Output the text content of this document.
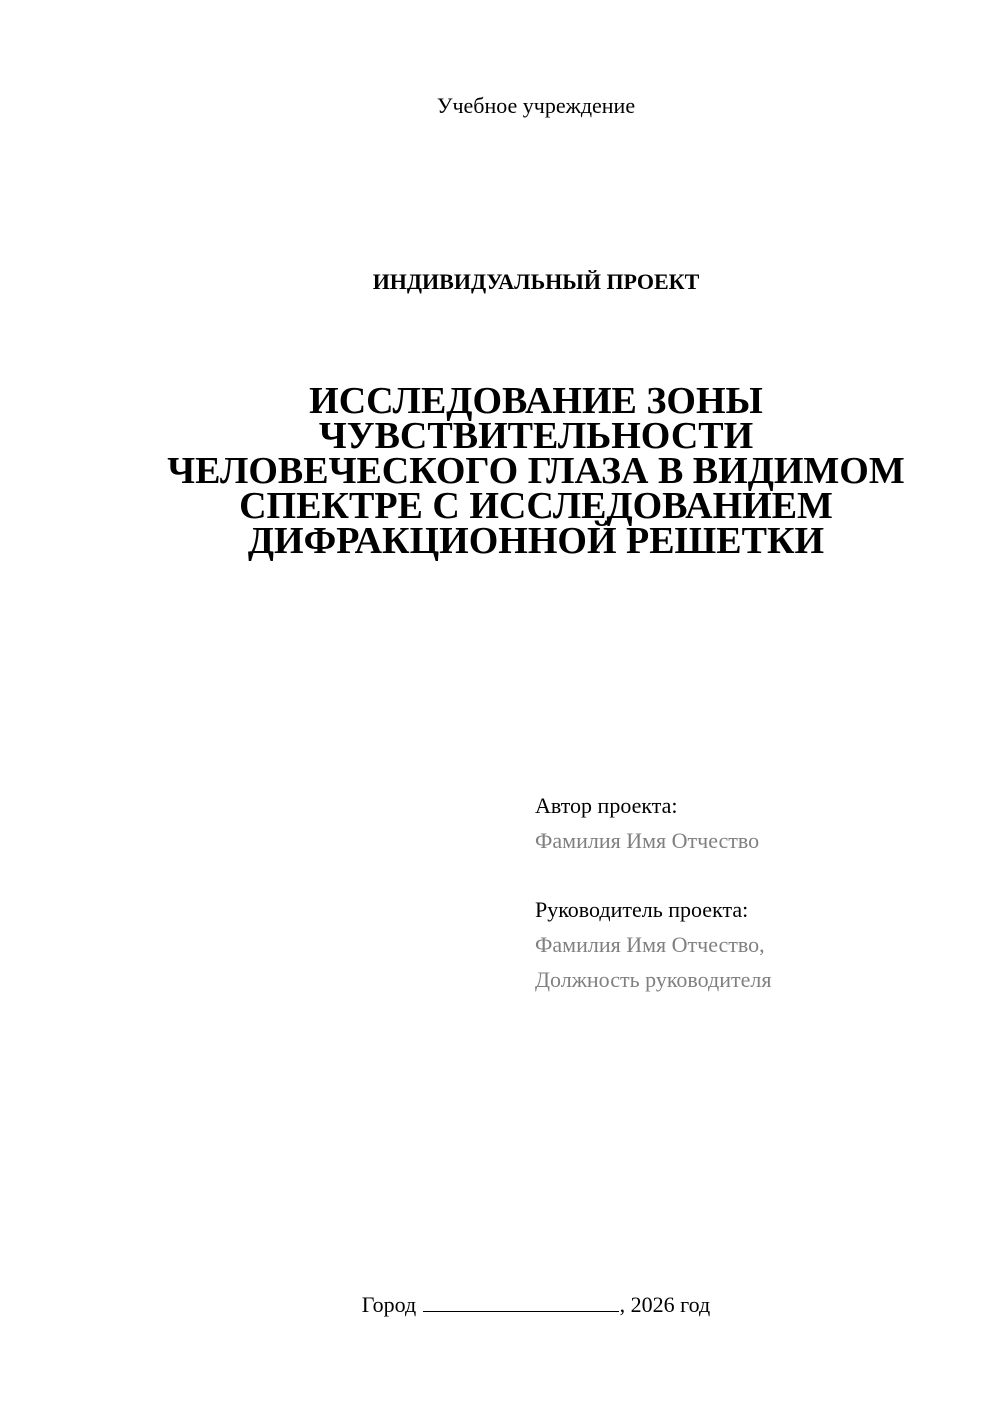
Учебное учреждение
ИНДИВИДУАЛЬНЫЙ ПРОЕКТ
ИССЛЕДОВАНИЕ ЗОНЫ
ЧУВСТВИТЕЛЬНОСТИ
ЧЕЛОВЕЧЕСКОГО ГЛАЗА В ВИДИМОМ
СПЕКТРЕ С ИССЛЕДОВАНИЕМ
ДИФРАКЦИОННОЙ РЕШЕТКИ
Автор проекта:
Фамилия Имя Отчество
Руководитель проекта:
Фамилия Имя Отчество,
Должность руководителя
Город	, 2026 год
